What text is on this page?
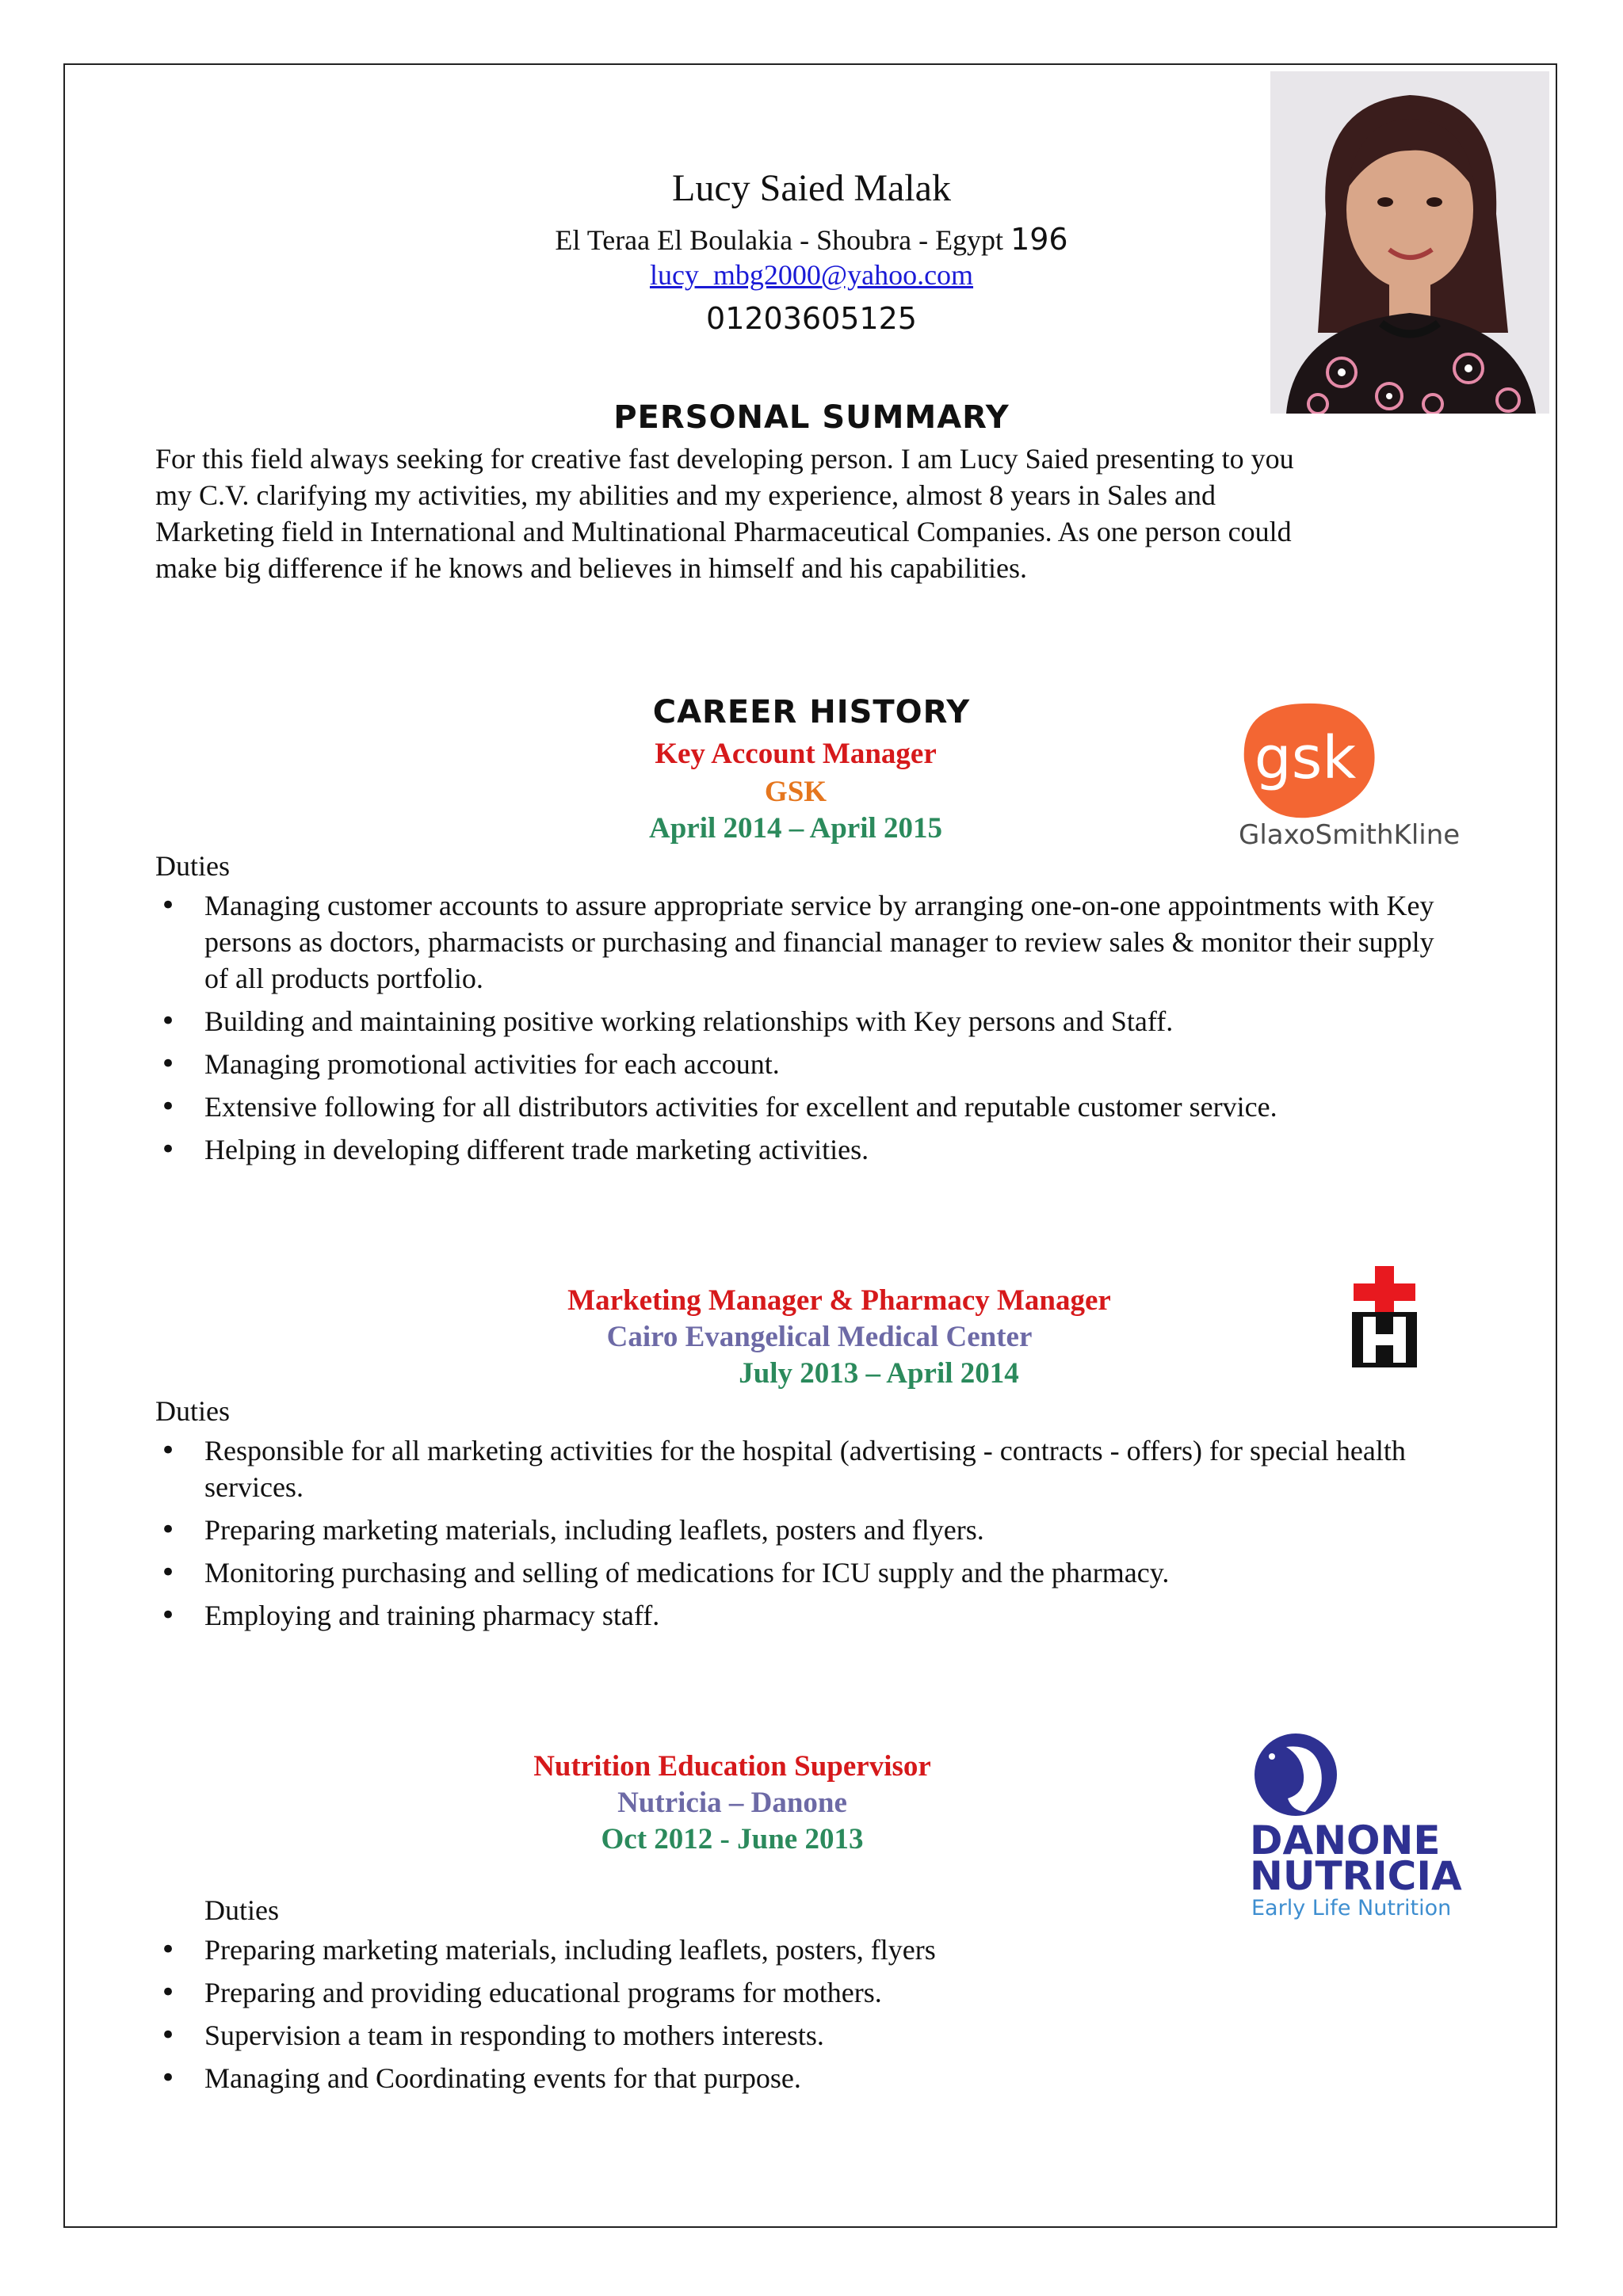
Lucy Saied Malak
El Teraa El Boulakia - Shoubra - Egypt 196
lucy_mbg2000@yahoo.com
01203605125
PERSONAL SUMMARY
For this field always seeking for creative fast developing person. I am Lucy Saied presenting to you
my C.V. clarifying my activities, my abilities and my experience, almost 8 years in Sales and
Marketing field in International and Multinational Pharmaceutical Companies. As one person could
make big difference if he knows and believes in himself and his capabilities.
CAREER HISTORY
Key Account Manager
GSK
April 2014 – April 2015
gsk
GlaxoSmithKline
Duties
• Managing customer accounts to assure appropriate service by arranging one-on-one appointments with Key persons as doctors, pharmacists or purchasing and financial manager to review sales & monitor their supply of all products portfolio.
• Building and maintaining positive working relationships with Key persons and Staff.
• Managing promotional activities for each account.
• Extensive following for all distributors activities for excellent and reputable customer service.
• Helping in developing different trade marketing activities.
Marketing Manager & Pharmacy Manager
Cairo Evangelical Medical Center
July 2013 – April 2014
Duties
• Responsible for all marketing activities for the hospital (advertising - contracts - offers) for special health services.
• Preparing marketing materials, including leaflets, posters and flyers.
• Monitoring purchasing and selling of medications for ICU supply and the pharmacy.
• Employing and training pharmacy staff.
Nutrition Education Supervisor
Nutricia – Danone
Oct 2012 - June 2013	DANONE
NUTRICIA
Early Life Nutrition
Duties
• Preparing marketing materials, including leaflets, posters, flyers
• Preparing and providing educational programs for mothers.
• Supervision a team in responding to mothers interests.
• Managing and Coordinating events for that purpose.
